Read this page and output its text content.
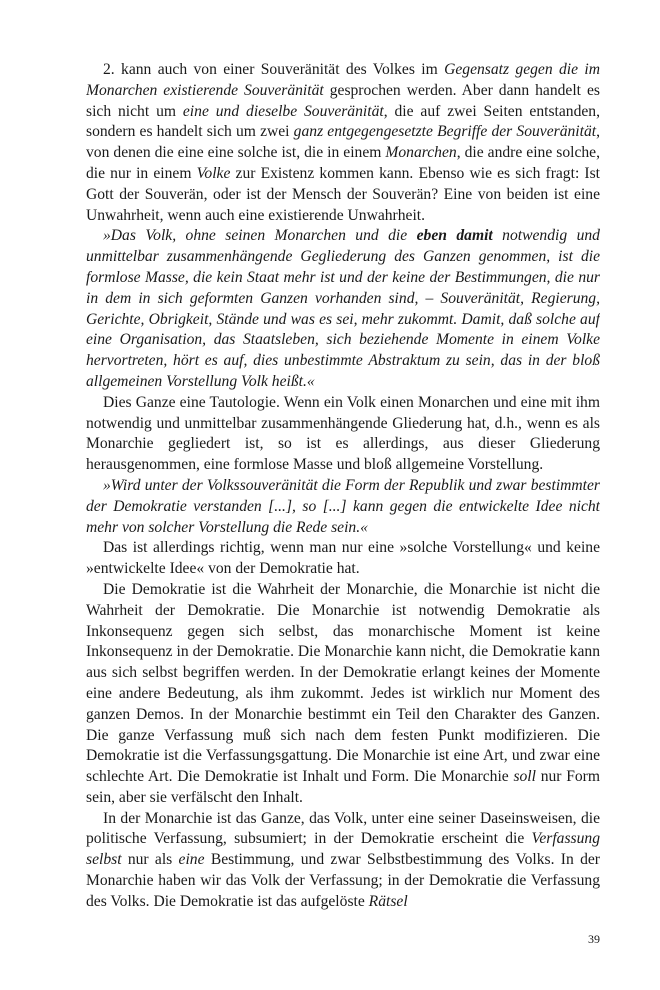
2. kann auch von einer Souveränität des Volkes im Gegensatz gegen die im Monarchen existierende Souveränität gesprochen werden. Aber dann handelt es sich nicht um eine und dieselbe Souveränität, die auf zwei Seiten entstanden, sondern es handelt sich um zwei ganz entgegengesetzte Begriffe der Souveränität, von denen die eine eine solche ist, die in einem Monarchen, die andre eine solche, die nur in einem Volke zur Existenz kommen kann. Ebenso wie es sich fragt: Ist Gott der Souverän, oder ist der Mensch der Souverän? Eine von beiden ist eine Unwahrheit, wenn auch eine existierende Unwahrheit.

»Das Volk, ohne seinen Monarchen und die eben damit notwendig und unmittelbar zusammenhängende Gegliederung des Ganzen genommen, ist die formlose Masse, die kein Staat mehr ist und der keine der Bestimmungen, die nur in dem in sich geformten Ganzen vorhanden sind, – Souveränität, Regierung, Gerichte, Obrigkeit, Stände und was es sei, mehr zukommt. Damit, daß solche auf eine Organisation, das Staatsleben, sich beziehende Momente in einem Volke hervortreten, hört es auf, dies unbestimmte Abstraktum zu sein, das in der bloß allgemeinen Vorstellung Volk heißt.«

Dies Ganze eine Tautologie. Wenn ein Volk einen Monarchen und eine mit ihm notwendig und unmittelbar zusammenhängende Gliederung hat, d.h., wenn es als Monarchie gegliedert ist, so ist es allerdings, aus dieser Gliederung herausgenommen, eine formlose Masse und bloß allgemeine Vorstellung.

»Wird unter der Volkssouveränität die Form der Republik und zwar bestimmter der Demokratie verstanden [...], so [...] kann gegen die entwickelte Idee nicht mehr von solcher Vorstellung die Rede sein.«

Das ist allerdings richtig, wenn man nur eine »solche Vorstellung« und keine »entwickelte Idee« von der Demokratie hat.

Die Demokratie ist die Wahrheit der Monarchie, die Monarchie ist nicht die Wahrheit der Demokratie. Die Monarchie ist notwendig Demokratie als Inkonsequenz gegen sich selbst, das monarchische Moment ist keine Inkonsequenz in der Demokratie. Die Monarchie kann nicht, die Demokratie kann aus sich selbst begriffen werden. In der Demokratie erlangt keines der Momente eine andere Bedeutung, als ihm zukommt. Jedes ist wirklich nur Moment des ganzen Demos. In der Monarchie bestimmt ein Teil den Charakter des Ganzen. Die ganze Verfassung muß sich nach dem festen Punkt modifizieren. Die Demokratie ist die Verfassungsgattung. Die Monarchie ist eine Art, und zwar eine schlechte Art. Die Demokratie ist Inhalt und Form. Die Monarchie soll nur Form sein, aber sie verfälscht den Inhalt.

In der Monarchie ist das Ganze, das Volk, unter eine seiner Daseinsweisen, die politische Verfassung, subsumiert; in der Demokratie erscheint die Verfassung selbst nur als eine Bestimmung, und zwar Selbstbestimmung des Volks. In der Monarchie haben wir das Volk der Verfassung; in der Demokratie die Verfassung des Volks. Die Demokratie ist das aufgelöste Rätsel

39
